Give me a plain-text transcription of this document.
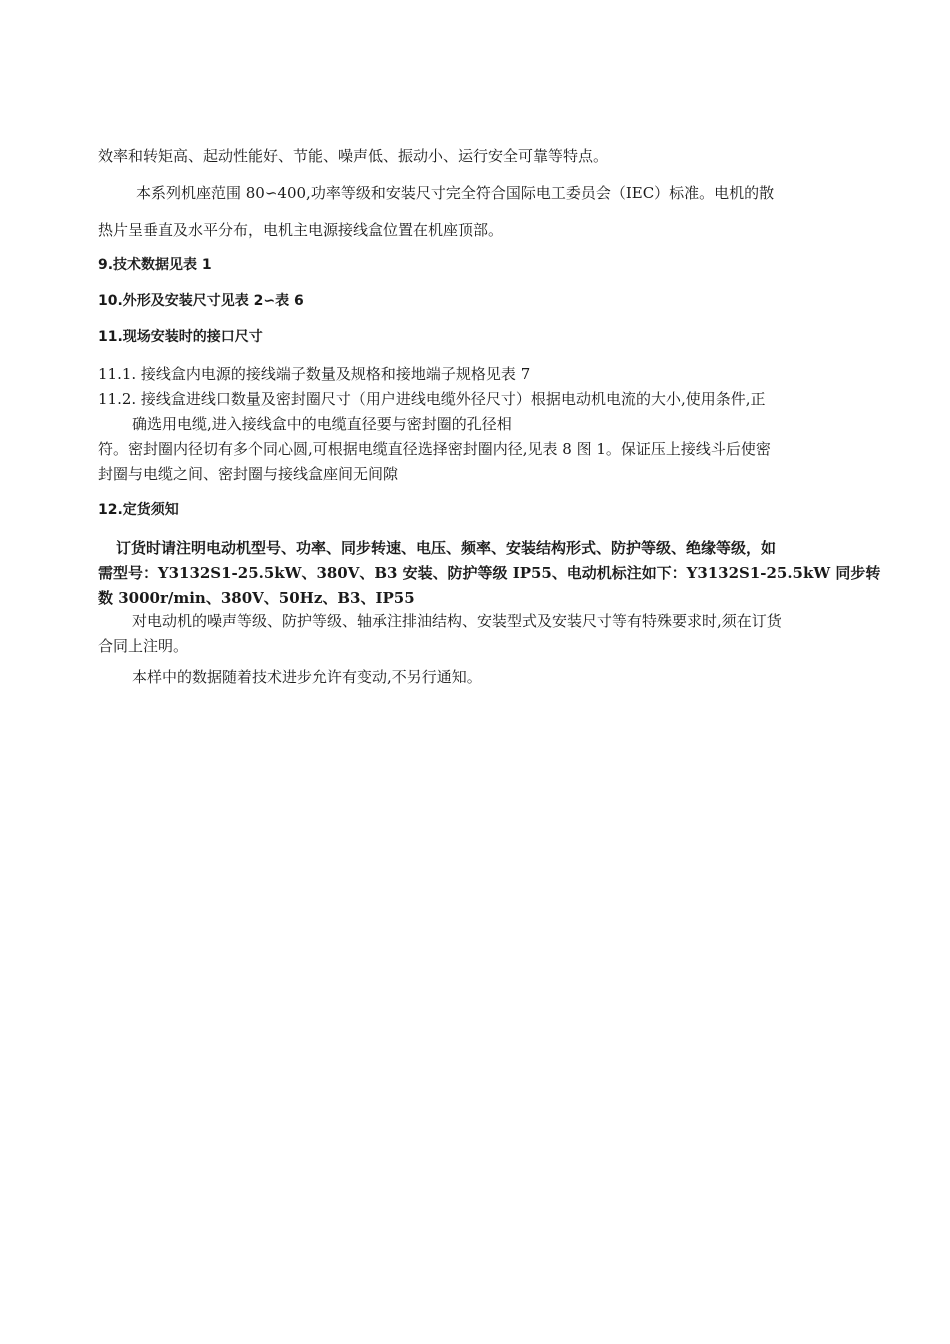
效率和转矩高、起动性能好、节能、噪声低、振动小、运行安全可靠等特点。
本系列机座范围 80∽400,功率等级和安装尺寸完全符合国际电工委员会（IEC）标准。电机的散
热片呈垂直及水平分布，电机主电源接线盒位置在机座顶部。
9.技术数据见表 1
10.外形及安装尺寸见表 2∽表 6
11.现场安装时的接口尺寸
11.1. 接线盒内电源的接线端子数量及规格和接地端子规格见表 7
11.2. 接线盒进线口数量及密封圈尺寸（用户进线电缆外径尺寸）根据电动机电流的大小,使用条件,正
确选用电缆,进入接线盒中的电缆直径要与密封圈的孔径相
符。密封圈内径切有多个同心圆,可根据电缆直径选择密封圈内径,见表 8 图 1。保证压上接线斗后使密
封圈与电缆之间、密封圈与接线盒座间无间隙
12.定货须知
订货时请注明电动机型号、功率、同步转速、电压、频率、安装结构形式、防护等级、绝缘等级，如
需型号：Y3132S1-25.5kW、380V、B3 安装、防护等级 IP55、电动机标注如下：Y3132S1-25.5kW 同步转
数 3000r/min、380V、50Hz、B3、IP55
对电动机的噪声等级、防护等级、轴承注排油结构、安装型式及安装尺寸等有特殊要求时,须在订货
合同上注明。
本样中的数据随着技术进步允许有变动,不另行通知。
